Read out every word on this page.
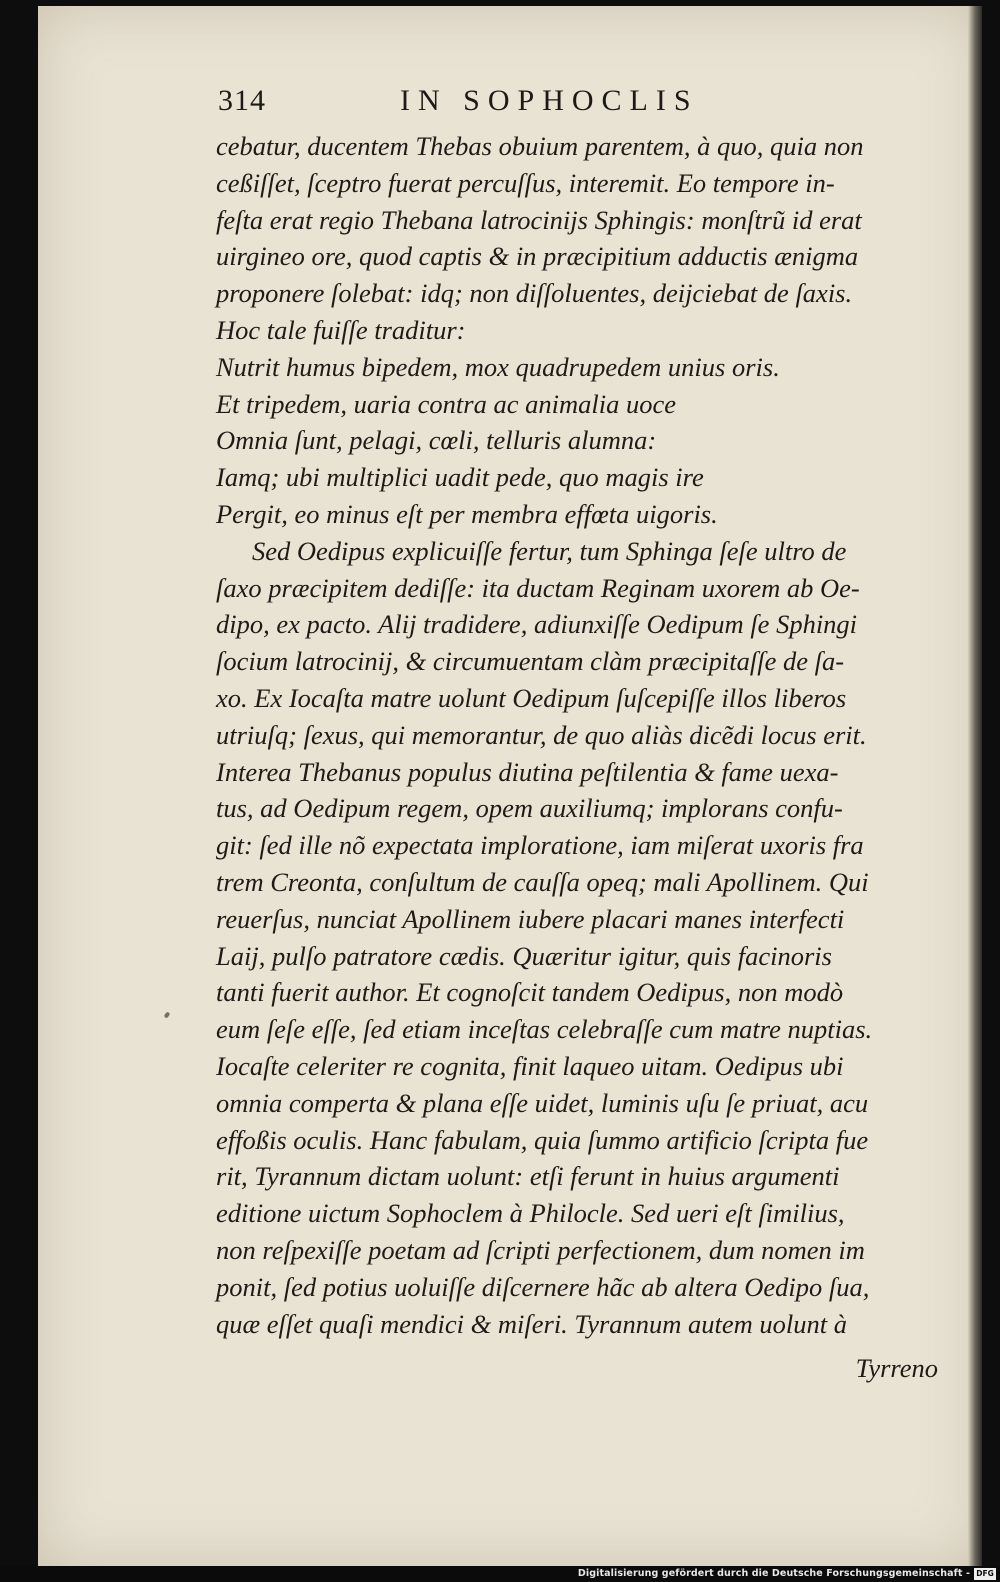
314	IN SOPHOCLIS
cebatur, ducentem Thebas obuium parentem, à quo, quia non
ceßiſſet, ſceptro fuerat percuſſus, interemit. Eo tempore in-
feſta erat regio Thebana latrocinijs Sphingis: monſtrũ id erat
uirgineo ore, quod captis & in præcipitium adductis ænigma
proponere ſolebat: idq; non diſſoluentes, deijciebat de ſaxis.
Hoc tale fuiſſe traditur:
Nutrit humus bipedem, mox quadrupedem unius oris.
Et tripedem, uaria contra ac animalia uoce
Omnia ſunt, pelagi, cœli, telluris alumna:
Iamq; ubi multiplici uadit pede, quo magis ire
Pergit, eo minus eſt per membra effœta uigoris.
Sed Oedipus explicuiſſe fertur, tum Sphinga ſeſe ultro de
ſaxo præcipitem dediſſe: ita ductam Reginam uxorem ab Oe-
dipo, ex pacto. Alij tradidere, adiunxiſſe Oedipum ſe Sphingi
ſocium latrocinij, & circumuentam clàm præcipitaſſe de ſa-
xo. Ex Iocaſta matre uolunt Oedipum ſuſcepiſſe illos liberos
utriuſq; ſexus, qui memorantur, de quo aliàs dicẽdi locus erit.
Interea Thebanus populus diutina peſtilentia & fame uexa-
tus, ad Oedipum regem, opem auxiliumq; implorans confu-
git: ſed ille nõ expectata imploratione, iam miſerat uxoris fra
trem Creonta, conſultum de cauſſa opeq; mali Apollinem. Qui
reuerſus, nunciat Apollinem iubere placari manes interfecti
Laij, pulſo patratore cædis. Quæritur igitur, quis facinoris
tanti fuerit author. Et cognoſcit tandem Oedipus, non modò
eum ſeſe eſſe, ſed etiam inceſtas celebraſſe cum matre nuptias.
Iocaſte celeriter re cognita, finit laqueo uitam. Oedipus ubi
omnia comperta & plana eſſe uidet, luminis uſu ſe priuat, acu
effoßis oculis. Hanc fabulam, quia ſummo artificio ſcripta fue
rit, Tyrannum dictam uolunt: etſi ferunt in huius argumenti
editione uictum Sophoclem à Philocle. Sed ueri eſt ſimilius,
non reſpexiſſe poetam ad ſcripti perfectionem, dum nomen im
ponit, ſed potius uoluiſſe diſcernere hãc ab altera Oedipo ſua,
quæ eſſet quaſi mendici & miſeri. Tyrannum autem uolunt à
Tyrreno
Digitalisierung gefördert durch die Deutsche Forschungsgemeinschaft - DFG
